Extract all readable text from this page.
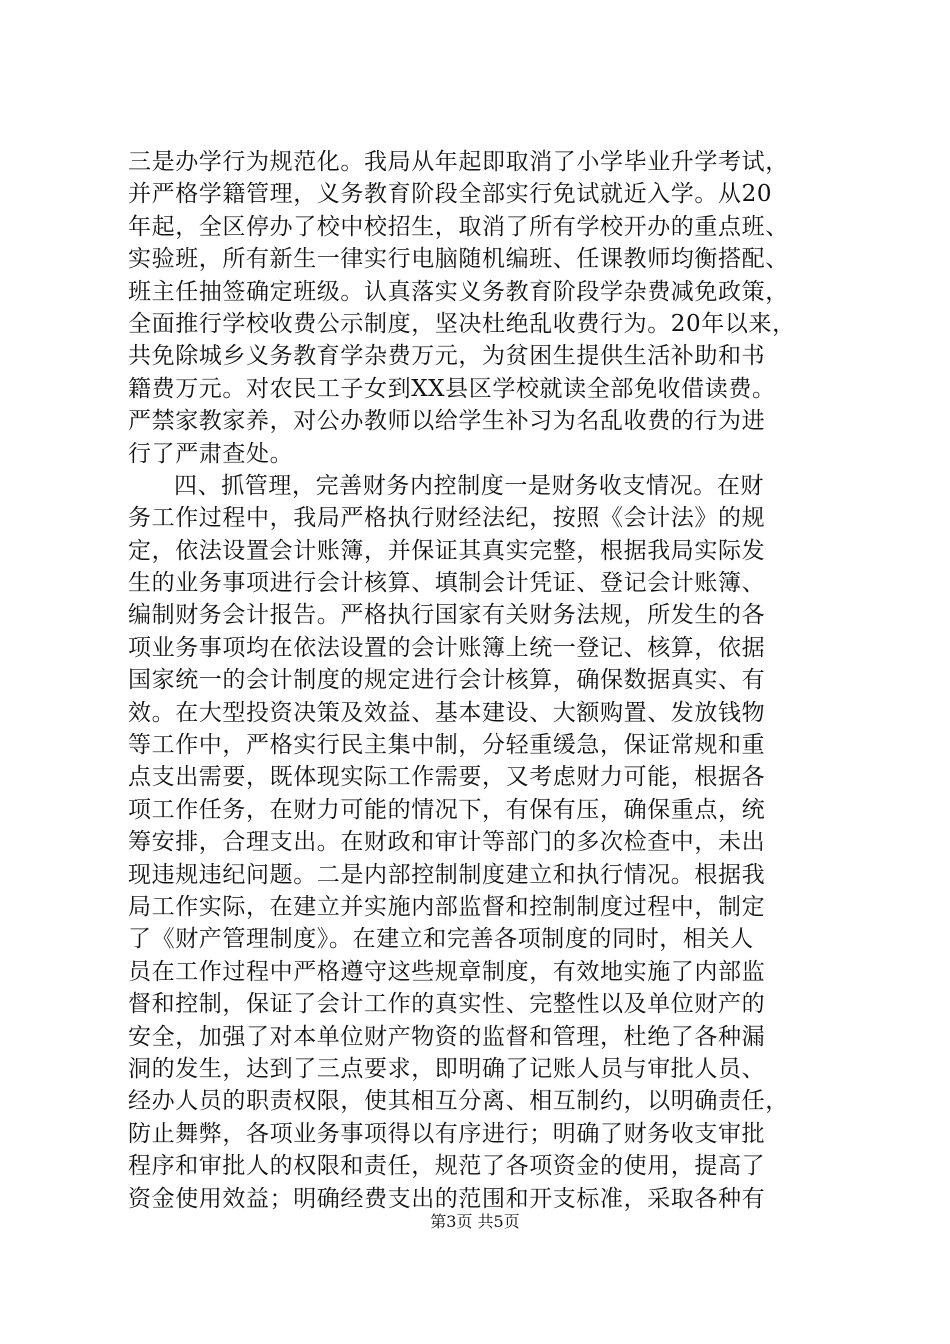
三是办学行为规范化。我局从年起即取消了小学毕业升学考试，
并严格学籍管理，义务教育阶段全部实行免试就近入学。从20
年起，全区停办了校中校招生，取消了所有学校开办的重点班、
实验班，所有新生一律实行电脑随机编班、任课教师均衡搭配、
班主任抽签确定班级。认真落实义务教育阶段学杂费减免政策，
全面推行学校收费公示制度，坚决杜绝乱收费行为。20年以来，
共免除城乡义务教育学杂费万元，为贫困生提供生活补助和书
籍费万元。对农民工子女到XX县区学校就读全部免收借读费。
严禁家教家养，对公办教师以给学生补习为名乱收费的行为进
行了严肃查处。
四、抓管理，完善财务内控制度一是财务收支情况。在财
务工作过程中，我局严格执行财经法纪，按照《会计法》的规
定，依法设置会计账簿，并保证其真实完整，根据我局实际发
生的业务事项进行会计核算、填制会计凭证、登记会计账簿、
编制财务会计报告。严格执行国家有关财务法规，所发生的各
项业务事项均在依法设置的会计账簿上统一登记、核算，依据
国家统一的会计制度的规定进行会计核算，确保数据真实、有
效。在大型投资决策及效益、基本建设、大额购置、发放钱物
等工作中，严格实行民主集中制，分轻重缓急，保证常规和重
点支出需要，既体现实际工作需要，又考虑财力可能，根据各
项工作任务，在财力可能的情况下，有保有压，确保重点，统
筹安排，合理支出。在财政和审计等部门的多次检查中，未出
现违规违纪问题。二是内部控制制度建立和执行情况。根据我
局工作实际，在建立并实施内部监督和控制制度过程中，制定
了《财产管理制度》。在建立和完善各项制度的同时，相关人
员在工作过程中严格遵守这些规章制度，有效地实施了内部监
督和控制，保证了会计工作的真实性、完整性以及单位财产的
安全，加强了对本单位财产物资的监督和管理，杜绝了各种漏
洞的发生，达到了三点要求，即明确了记账人员与审批人员、
经办人员的职责权限，使其相互分离、相互制约，以明确责任，
防止舞弊，各项业务事项得以有序进行；明确了财务收支审批
程序和审批人的权限和责任，规范了各项资金的使用，提高了
资金使用效益；明确经费支出的范围和开支标准，采取各种有
第3页 共5页
